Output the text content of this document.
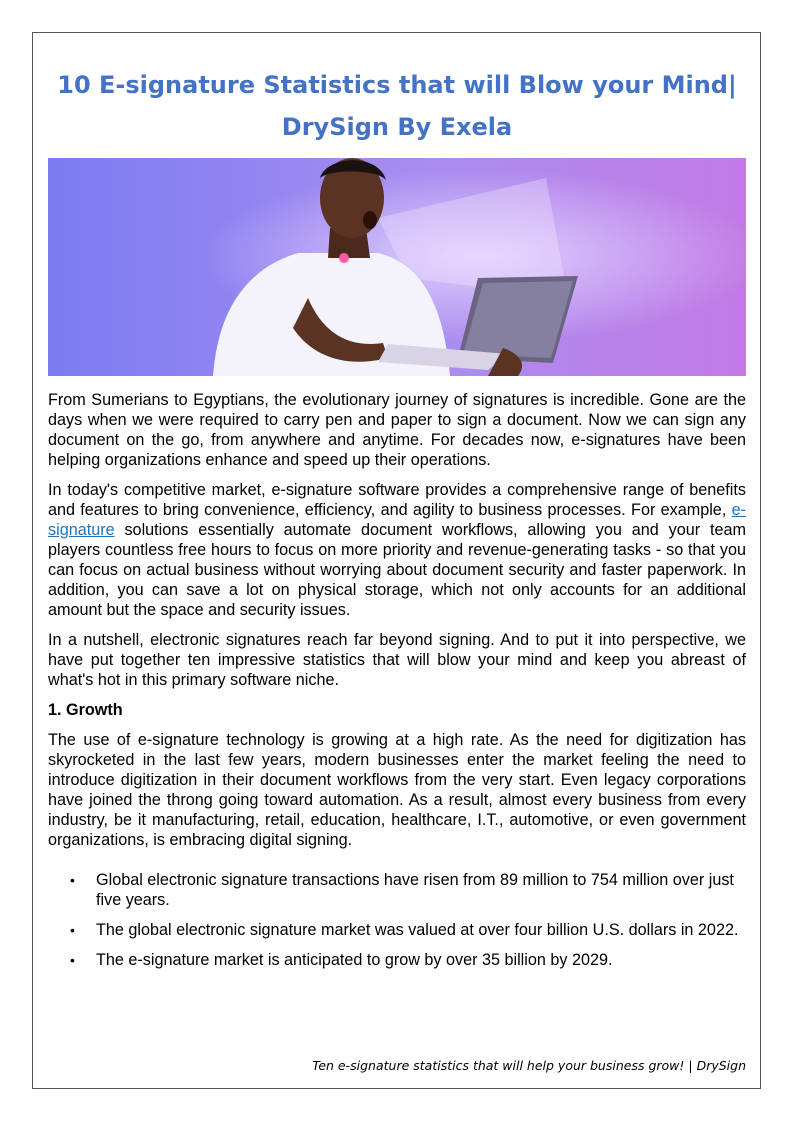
10 E-signature Statistics that will Blow your Mind| DrySign By Exela

From Sumerians to Egyptians, the evolutionary journey of signatures is incredible. Gone are the days when we were required to carry pen and paper to sign a document. Now we can sign any document on the go, from anywhere and anytime. For decades now, e-signatures have been helping organizations enhance and speed up their operations.

In today's competitive market, e-signature software provides a comprehensive range of benefits and features to bring convenience, efficiency, and agility to business processes. For example, e-signature solutions essentially automate document workflows, allowing you and your team players countless free hours to focus on more priority and revenue-generating tasks - so that you can focus on actual business without worrying about document security and faster paperwork. In addition, you can save a lot on physical storage, which not only accounts for an additional amount but the space and security issues.

In a nutshell, electronic signatures reach far beyond signing. And to put it into perspective, we have put together ten impressive statistics that will blow your mind and keep you abreast of what's hot in this primary software niche.

1. Growth

The use of e-signature technology is growing at a high rate. As the need for digitization has skyrocketed in the last few years, modern businesses enter the market feeling the need to introduce digitization in their document workflows from the very start. Even legacy corporations have joined the throng going toward automation. As a result, almost every business from every industry, be it manufacturing, retail, education, healthcare, I.T., automotive, or even government organizations, is embracing digital signing.

• Global electronic signature transactions have risen from 89 million to 754 million over just five years.
• The global electronic signature market was valued at over four billion U.S. dollars in 2022.
• The e-signature market is anticipated to grow by over 35 billion by 2029.
Ten e-signature statistics that will help your business grow! | DrySign
